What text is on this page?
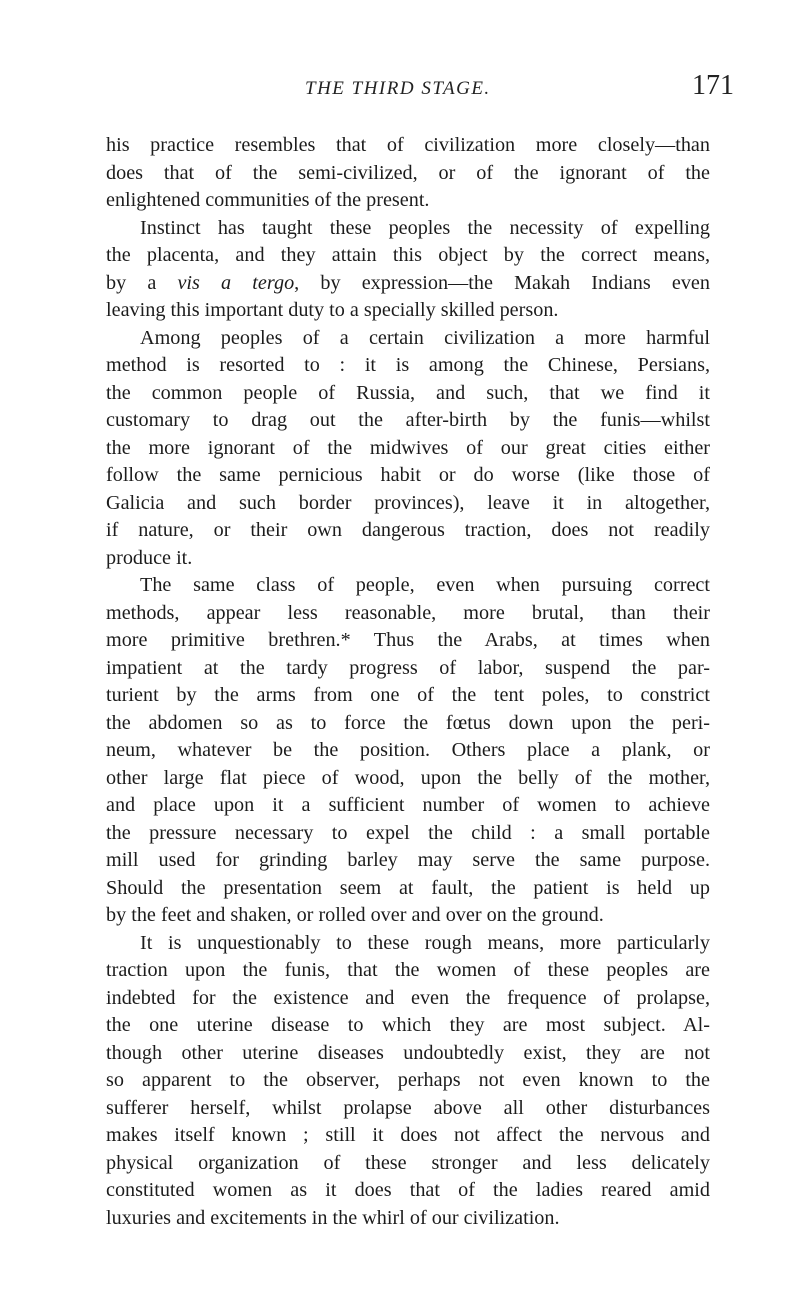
THE THIRD STAGE.	171
his practice resembles that of civilization more closely—than
does that of the semi-civilized, or of the ignorant of the
enlightened communities of the present.
Instinct has taught these peoples the necessity of expelling
the placenta, and they attain this object by the correct means,
by a vis a tergo, by expression—the Makah Indians even
leaving this important duty to a specially skilled person.
Among peoples of a certain civilization a more harmful
method is resorted to : it is among the Chinese, Persians,
the common people of Russia, and such, that we find it
customary to drag out the after-birth by the funis—whilst
the more ignorant of the midwives of our great cities either
follow the same pernicious habit or do worse (like those of
Galicia and such border provinces), leave it in altogether,
if nature, or their own dangerous traction, does not readily
produce it.
The same class of people, even when pursuing correct
methods, appear less reasonable, more brutal, than their
more primitive brethren.* Thus the Arabs, at times when
impatient at the tardy progress of labor, suspend the par-
turient by the arms from one of the tent poles, to constrict
the abdomen so as to force the fœtus down upon the peri-
neum, whatever be the position. Others place a plank, or
other large flat piece of wood, upon the belly of the mother,
and place upon it a sufficient number of women to achieve
the pressure necessary to expel the child : a small portable
mill used for grinding barley may serve the same purpose.
Should the presentation seem at fault, the patient is held up
by the feet and shaken, or rolled over and over on the ground.
It is unquestionably to these rough means, more particularly
traction upon the funis, that the women of these peoples are
indebted for the existence and even the frequence of prolapse,
the one uterine disease to which they are most subject. Al-
though other uterine diseases undoubtedly exist, they are not
so apparent to the observer, perhaps not even known to the
sufferer herself, whilst prolapse above all other disturbances
makes itself known ; still it does not affect the nervous and
physical organization of these stronger and less delicately
constituted women as it does that of the ladies reared amid
luxuries and excitements in the whirl of our civilization.
